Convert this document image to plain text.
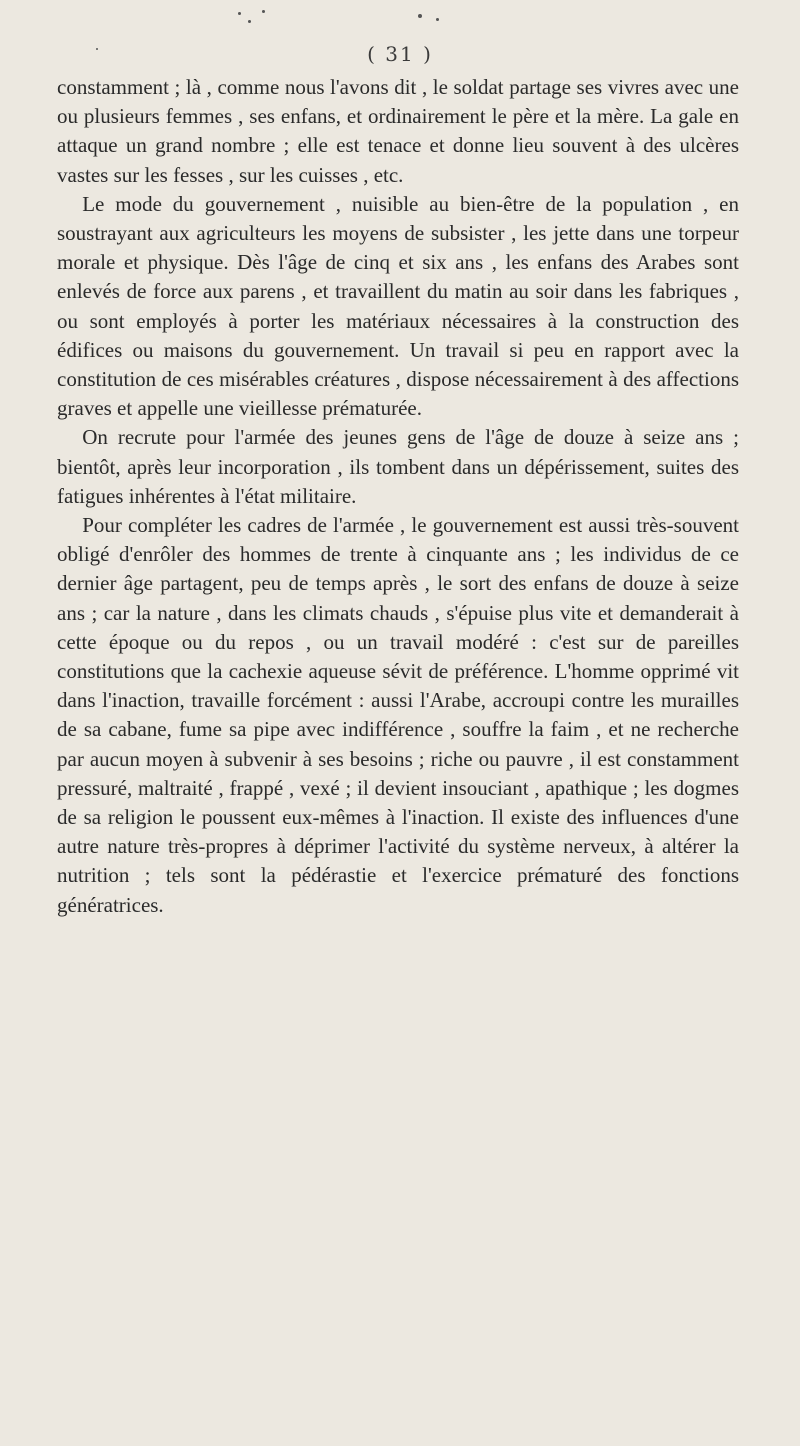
( 31 )

constamment ; là , comme nous l'avons dit , le soldat partage ses vivres avec une ou plusieurs femmes , ses enfans, et ordinairement le père et la mère. La gale en attaque un grand nombre ; elle est tenace et donne lieu souvent à des ulcères vastes sur les fesses , sur les cuisses , etc.

Le mode du gouvernement , nuisible au bien-être de la population , en soustrayant aux agriculteurs les moyens de subsister , les jette dans une torpeur morale et physique. Dès l'âge de cinq et six ans , les enfans des Arabes sont enlevés de force aux parens , et travaillent du matin au soir dans les fabriques , ou sont employés à porter les matériaux nécessaires à la construction des édifices ou maisons du gouvernement. Un travail si peu en rapport avec la constitution de ces misérables créatures , dispose nécessairement à des affections graves et appelle une vieillesse prématurée.

On recrute pour l'armée des jeunes gens de l'âge de douze à seize ans ; bientôt, après leur incorporation , ils tombent dans un dépérissement, suites des fatigues inhérentes à l'état militaire.

Pour compléter les cadres de l'armée , le gouvernement est aussi très-souvent obligé d'enrôler des hommes de trente à cinquante ans ; les individus de ce dernier âge partagent, peu de temps après , le sort des enfans de douze à seize ans ; car la nature , dans les climats chauds , s'épuise plus vite et demanderait à cette époque ou du repos , ou un travail modéré : c'est sur de pareilles constitutions que la cachexie aqueuse sévit de préférence. L'homme opprimé vit dans l'inaction, travaille forcément : aussi l'Arabe, accroupi contre les murailles de sa cabane, fume sa pipe avec indifférence , souffre la faim , et ne recherche par aucun moyen à subvenir à ses besoins ; riche ou pauvre , il est constamment pressuré, maltraité , frappé , vexé ; il devient insouciant , apathique ; les dogmes de sa religion le poussent eux-mêmes à l'inaction. Il existe des influences d'une autre nature très-propres à déprimer l'activité du système nerveux, à altérer la nutrition ; tels sont la pédérastie et l'exercice prématuré des fonctions génératrices.
